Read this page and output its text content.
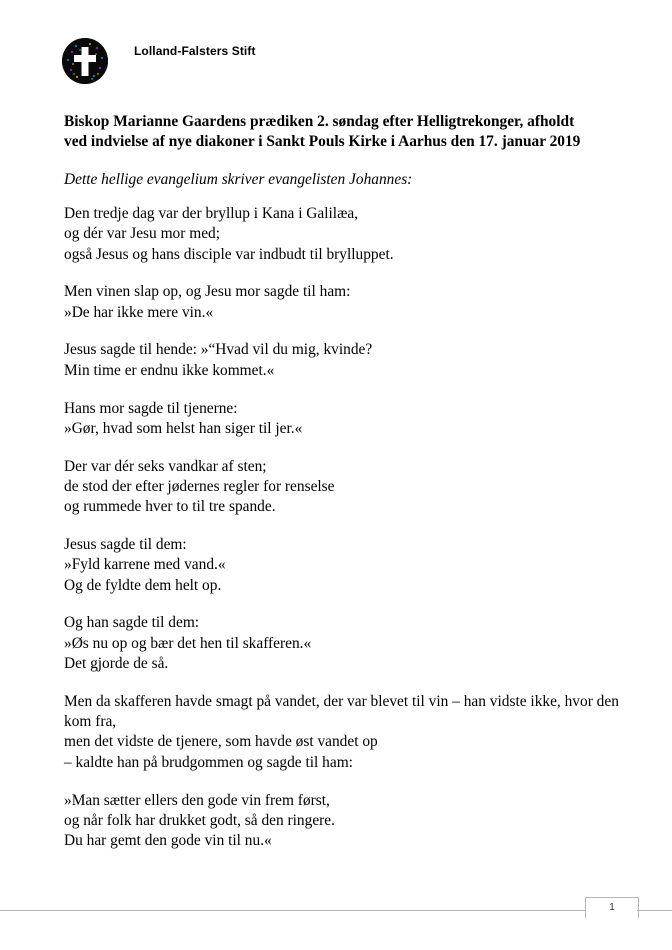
Lolland-Falsters Stift
Biskop Marianne Gaardens prædiken 2. søndag efter Helligtrekonger, afholdt
ved indvielse af nye diakoner i Sankt Pouls Kirke i Aarhus den 17. januar 2019

Dette hellige evangelium skriver evangelisten Johannes:

Den tredje dag var der bryllup i Kana i Galilæa,
og dér var Jesu mor med;
også Jesus og hans disciple var indbudt til brylluppet.

Men vinen slap op, og Jesu mor sagde til ham:
»De har ikke mere vin.«

Jesus sagde til hende: »“Hvad vil du mig, kvinde?
Min time er endnu ikke kommet.«

Hans mor sagde til tjenerne:
»Gør, hvad som helst han siger til jer.«

Der var dér seks vandkar af sten;
de stod der efter jødernes regler for renselse
og rummede hver to til tre spande.

Jesus sagde til dem:
»Fyld karrene med vand.«
Og de fyldte dem helt op.

Og han sagde til dem:
»Øs nu op og bær det hen til skafferen.«
Det gjorde de så.

Men da skafferen havde smagt på vandet, der var blevet til vin – han vidste ikke, hvor den kom fra,
men det vidste de tjenere, som havde øst vandet op
– kaldte han på brudgommen og sagde til ham:

»Man sætter ellers den gode vin frem først,
og når folk har drukket godt, så den ringere.
Du har gemt den gode vin til nu.«

1
